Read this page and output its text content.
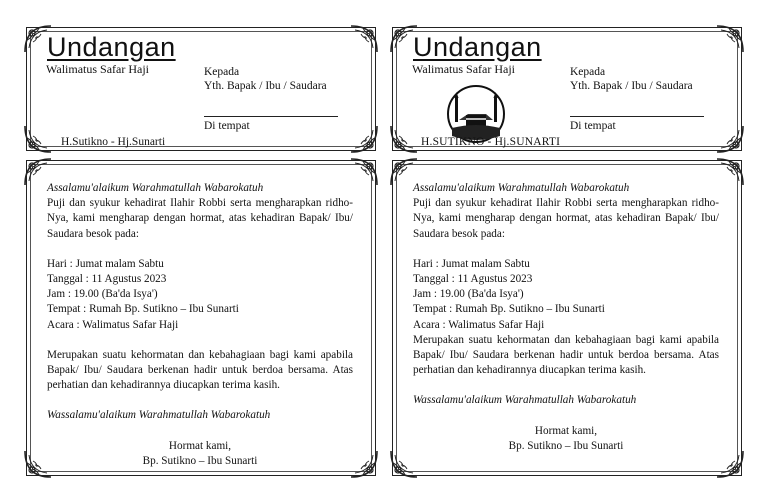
Undangan
Walimatus Safar Haji	Kepada
Yth. Bapak / Ibu / Saudara
Di tempat
H.Sutikno - Hj.Sunarti

Assalamu'alaikum Warahmatullah Wabarokatuh

Puji dan syukur kehadirat Ilahir Robbi serta mengharapkan ridho-Nya, kami mengharap dengan hormat, atas kehadiran Bapak/ Ibu/ Saudara besok pada:

Hari : Jumat malam Sabtu

Tanggal : 11 Agustus 2023

Jam : 19.00 (Ba'da Isya')

Tempat : Rumah Bp. Sutikno – Ibu Sunarti

Acara : Walimatus Safar Haji

Merupakan suatu kehormatan dan kebahagiaan bagi kami apabila Bapak/ Ibu/ Saudara berkenan hadir untuk berdoa bersama. Atas perhatian dan kehadirannya diucapkan terima kasih.

Wassalamu'alaikum Warahmatullah Wabarokatuh

Hormat kami,

Bp. Sutikno – Ibu Sunarti

Undangan
Walimatus Safar Haji	Kepada
Yth. Bapak / Ibu / Saudara
Di tempat
H.SUTIKNO - Hj.SUNARTI

Assalamu'alaikum Warahmatullah Wabarokatuh

Puji dan syukur kehadirat Ilahir Robbi serta mengharapkan ridho-Nya, kami mengharap dengan hormat, atas kehadiran Bapak/ Ibu/ Saudara besok pada:

Hari : Jumat malam Sabtu

Tanggal : 11 Agustus 2023

Jam : 19.00 (Ba'da Isya')

Tempat : Rumah Bp. Sutikno – Ibu Sunarti

Acara : Walimatus Safar Haji

Merupakan suatu kehormatan dan kebahagiaan bagi kami apabila Bapak/ Ibu/ Saudara berkenan hadir untuk berdoa bersama. Atas perhatian dan kehadirannya diucapkan terima kasih.

Wassalamu'alaikum Warahmatullah Wabarokatuh

Hormat kami,

Bp. Sutikno – Ibu Sunarti
